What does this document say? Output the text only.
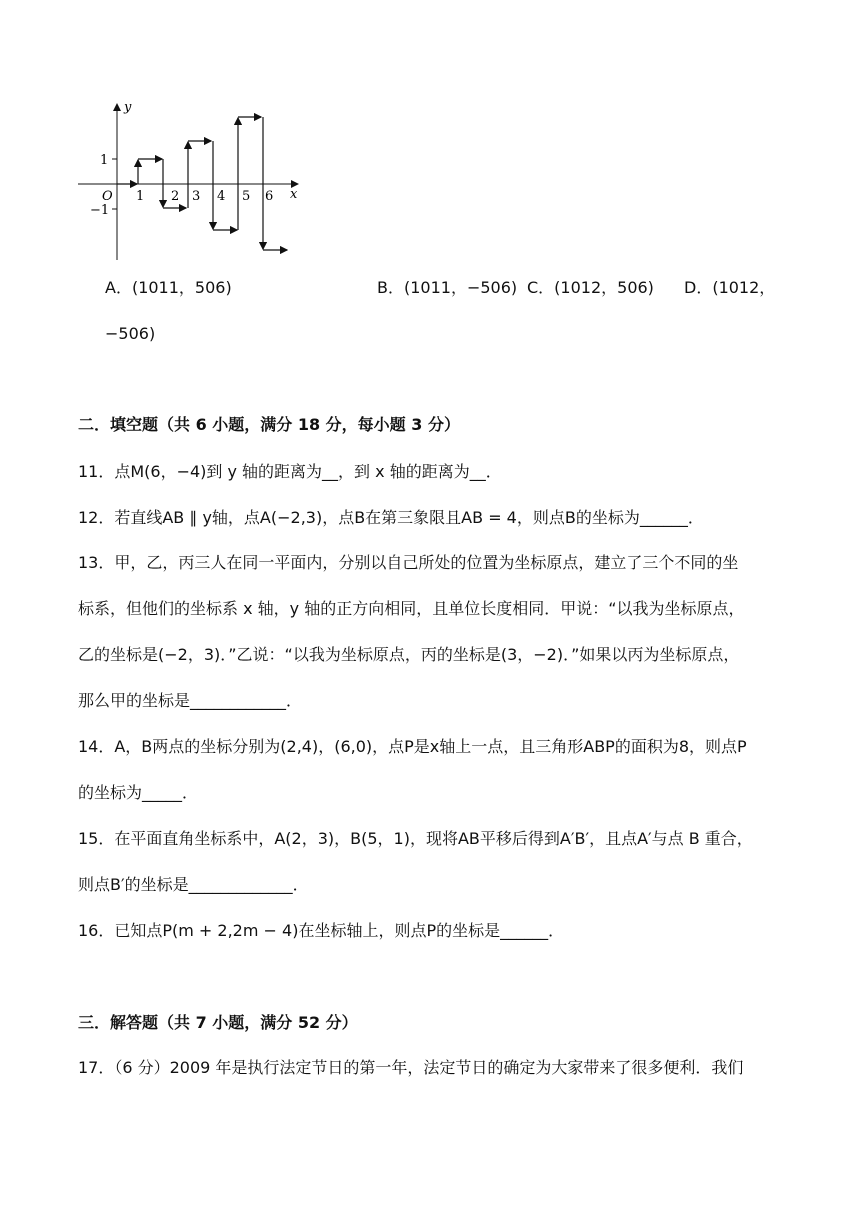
x
y
O
1
−1
1 2 3 4 5 6
A．(1011，506)	B．(1011，−506) C．(1012，506) D．(1012，
−506)
二．填空题（共 6 小题，满分 18 分，每小题 3 分）
11．点M(6，−4)到 y 轴的距离为__，到 x 轴的距离为__．
12．若直线AB ∥ y轴，点A(−2,3)，点B在第三象限且AB = 4，则点B的坐标为______．
13．甲，乙，丙三人在同一平面内，分别以自己所处的位置为坐标原点，建立了三个不同的坐
标系，但他们的坐标系 x 轴，y 轴的正方向相同，且单位长度相同．甲说：“以我为坐标原点，
乙的坐标是(−2，3)．”乙说：“以我为坐标原点，丙的坐标是(3，−2)．”如果以丙为坐标原点，
那么甲的坐标是____________．
14．A，B两点的坐标分别为(2,4)，(6,0)，点P是x轴上一点，且三角形ABP的面积为8，则点P
的坐标为_____．
15．在平面直角坐标系中，A(2，3)，B(5，1)，现将AB平移后得到A′B′，且点A′与点 B 重合，
则点B′的坐标是_____________．
16．已知点P(m + 2,2m − 4)在坐标轴上，则点P的坐标是______．
三．解答题（共 7 小题，满分 52 分）
17．（6 分）2009 年是执行法定节日的第一年，法定节日的确定为大家带来了很多便利．我们
